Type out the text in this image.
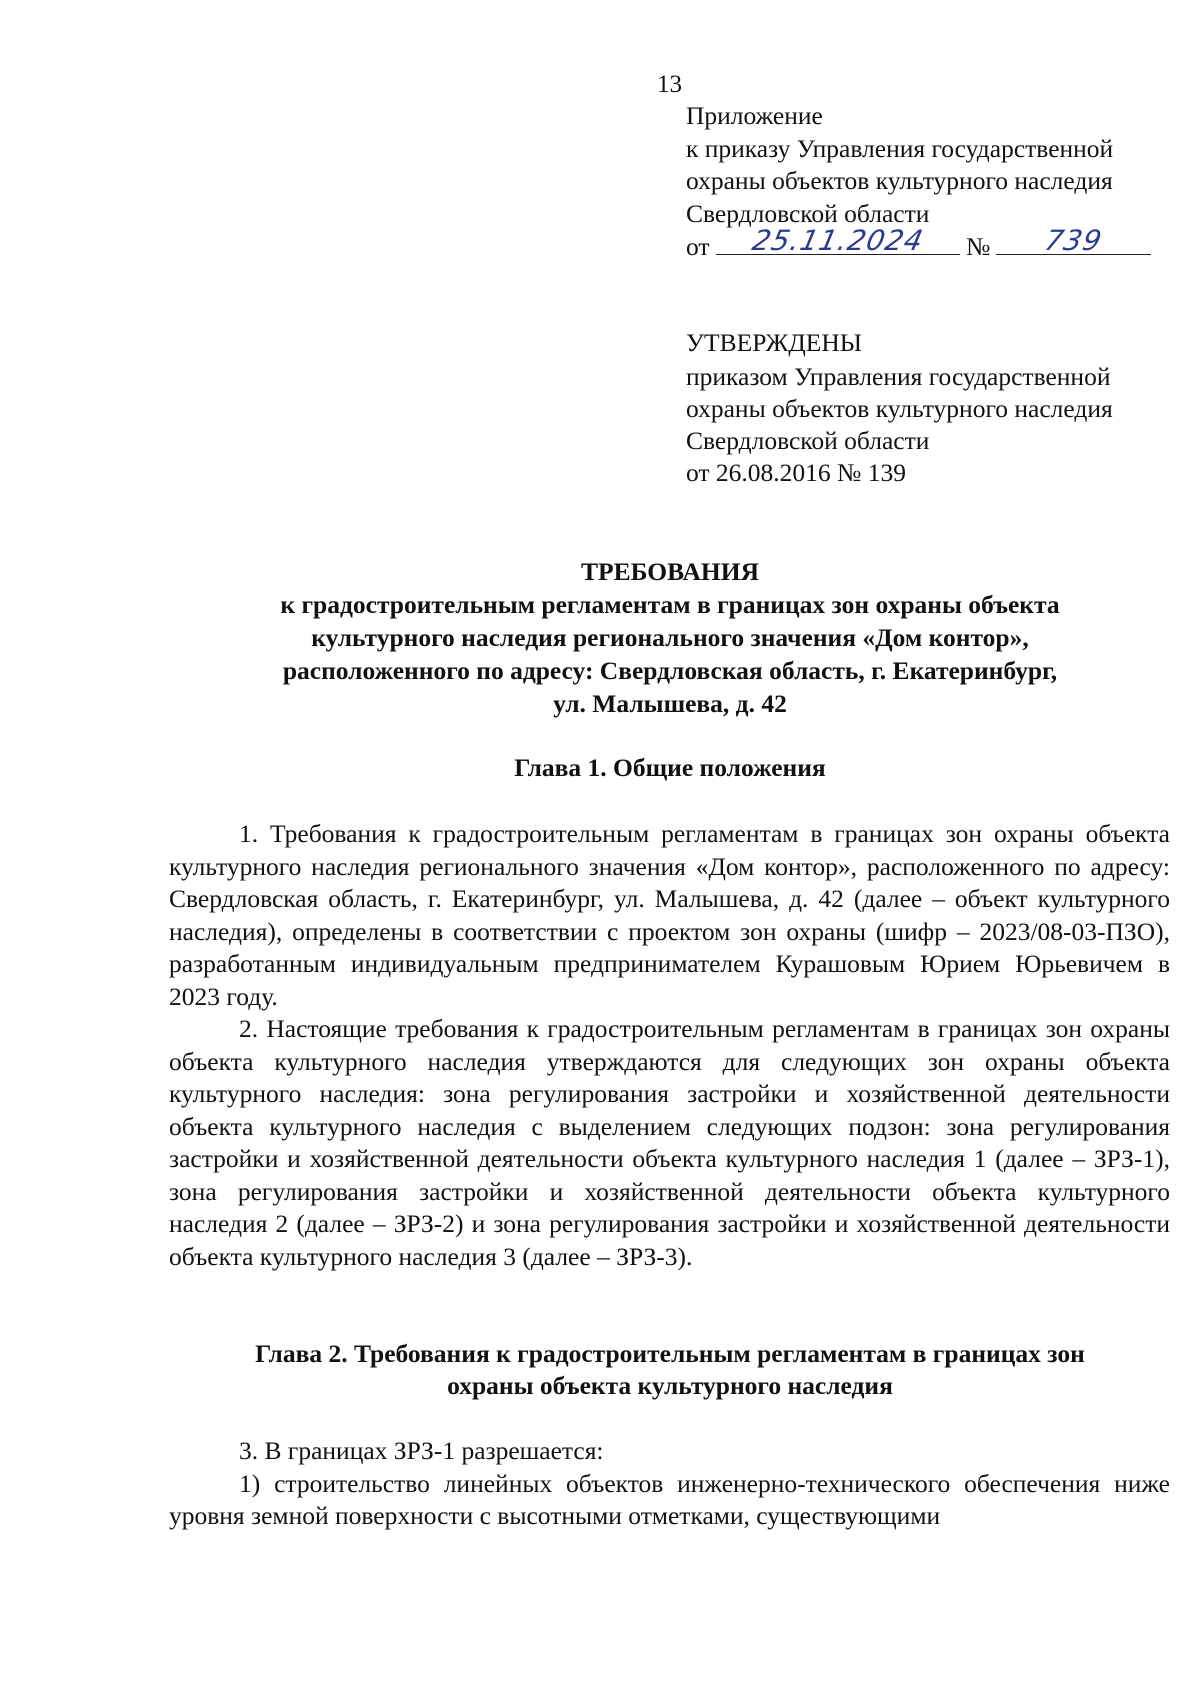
13
Приложение
к приказу Управления государственной
охраны объектов культурного наследия
Свердловской области
от	25.11.2024	№	739
УТВЕРЖДЕНЫ
приказом Управления государственной
охраны объектов культурного наследия
Свердловской области
от 26.08.2016 № 139
ТРЕБОВАНИЯ
к градостроительным регламентам в границах зон охраны объекта
культурного наследия регионального значения «Дом контор»,
расположенного по адресу: Свердловская область, г. Екатеринбург,
ул. Малышева, д. 42
Глава 1. Общие положения

1. Требования к градостроительным регламентам в границах зон охраны объекта культурного наследия регионального значения «Дом контор», расположенного по адресу: Свердловская область, г. Екатеринбург, ул. Малышева, д. 42 (далее – объект культурного наследия), определены в соответствии с проектом зон охраны (шифр – 2023/08-03-ПЗО), разработанным индивидуальным предпринимателем Курашовым Юрием Юрьевичем в 2023 году.

2. Настоящие требования к градостроительным регламентам в границах зон охраны объекта культурного наследия утверждаются для следующих зон охраны объекта культурного наследия: зона регулирования застройки и хозяйственной деятельности объекта культурного наследия с выделением следующих подзон: зона регулирования застройки и хозяйственной деятельности объекта культурного наследия 1 (далее – ЗРЗ-1), зона регулирования застройки и хозяйственной деятельности объекта культурного наследия 2 (далее – ЗРЗ-2) и зона регулирования застройки и хозяйственной деятельности объекта культурного наследия 3 (далее – ЗРЗ-3).

Глава 2. Требования к градостроительным регламентам в границах зон
охраны объекта культурного наследия

3. В границах ЗРЗ-1 разрешается:

1) строительство линейных объектов инженерно-технического обеспечения ниже уровня земной поверхности с высотными отметками, существующими
